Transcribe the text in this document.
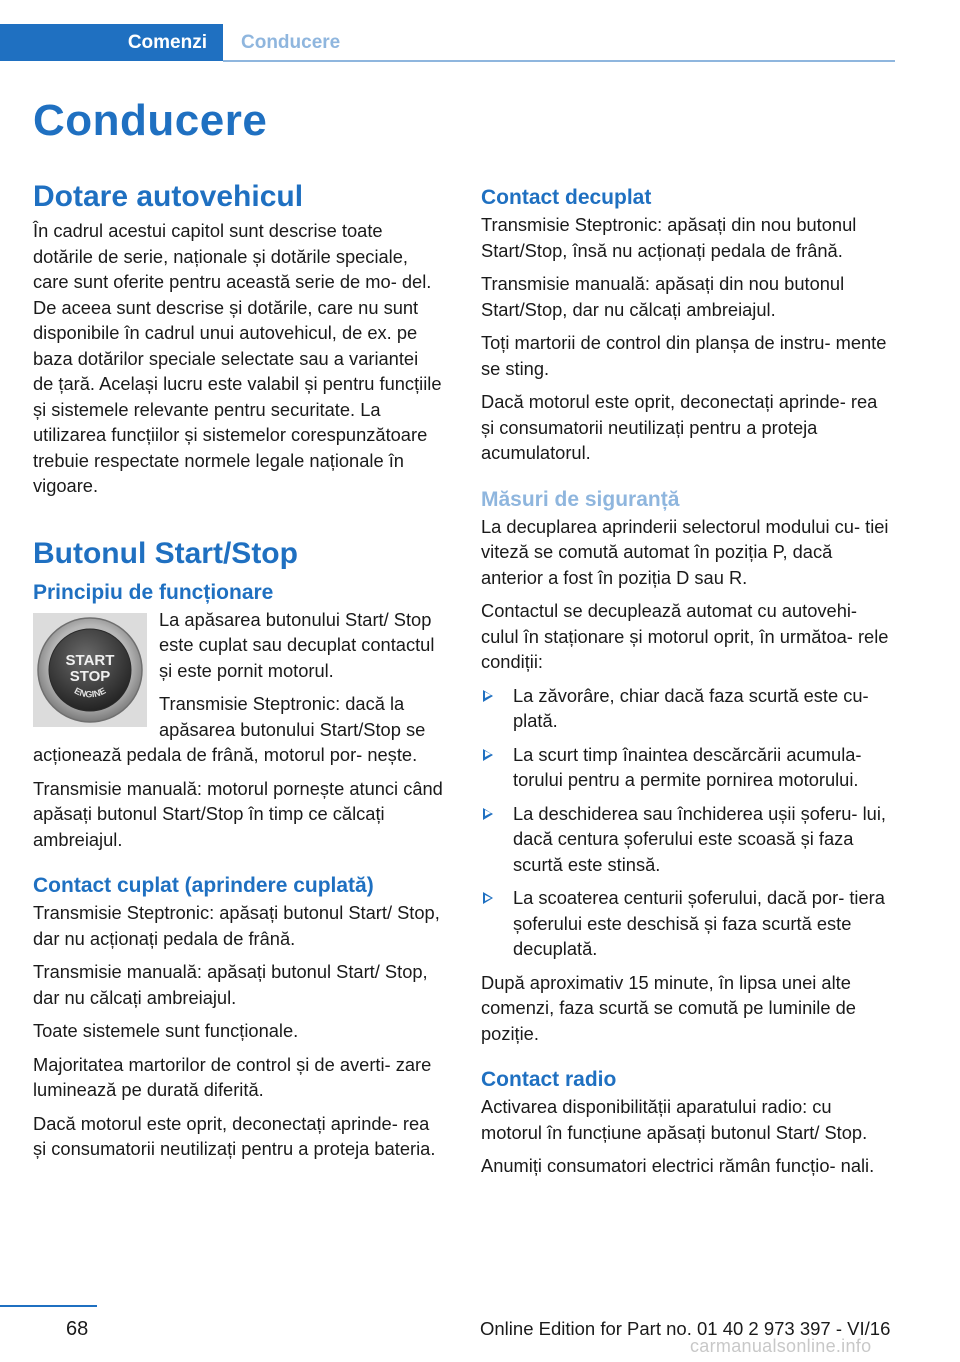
Comenzi	Conducere
Conducere
Dotare autovehicul

În cadrul acestui capitol sunt descrise toate dotările de serie, naționale și dotările speciale, care sunt oferite pentru această serie de mo‐ del. De aceea sunt descrise și dotările, care nu sunt disponibile în cadrul unui autovehicul, de ex. pe baza dotărilor speciale selectate sau a variantei de țară. Același lucru este valabil și pentru funcțiile și sistemele relevante pentru securitate. La utilizarea funcțiilor și sistemelor corespunzătoare trebuie respectate normele legale naționale în vigoare.

Butonul Start/Stop
Principiu de funcționare
START
STOP
ENGINE

La apăsarea butonului Start/ Stop este cuplat sau decuplat contactul și este pornit motorul.

Transmisie Steptronic: dacă la apăsarea butonului Start/Stop se acționează pedala de frână, motorul por‐ nește.

Transmisie manuală: motorul pornește atunci când apăsați butonul Start/Stop în timp ce călcați ambreiajul.

Contact cuplat (aprindere cuplată)

Transmisie Steptronic: apăsați butonul Start/ Stop, dar nu acționați pedala de frână.

Transmisie manuală: apăsați butonul Start/ Stop, dar nu călcați ambreiajul.

Toate sistemele sunt funcționale.

Majoritatea martorilor de control și de averti‐ zare luminează pe durată diferită.

Dacă motorul este oprit, deconectați aprinde‐ rea și consumatorii neutilizați pentru a proteja bateria.

Contact decuplat

Transmisie Steptronic: apăsați din nou butonul Start/Stop, însă nu acționați pedala de frână.

Transmisie manuală: apăsați din nou butonul Start/Stop, dar nu călcați ambreiajul.

Toți martorii de control din planșa de instru‐ mente se sting.

Dacă motorul este oprit, deconectați aprinde‐ rea și consumatorii neutilizați pentru a proteja acumulatorul.

Măsuri de siguranță

La decuplarea aprinderii selectorul modului cu‐ tiei viteză se comută automat în poziția P, dacă anterior a fost în poziția D sau R.

Contactul se decuplează automat cu autovehi‐ culul în staționare și motorul oprit, în următoa‐ rele condiții:

La zăvorâre, chiar dacă faza scurtă este cu‐ plată.
La scurt timp înaintea descărcării acumula‐ torului pentru a permite pornirea motorului.
La deschiderea sau închiderea ușii șoferu‐ lui, dacă centura șoferului este scoasă și faza scurtă este stinsă.
La scoaterea centurii șoferului, dacă por‐ tiera șoferului este deschisă și faza scurtă este decuplată.

După aproximativ 15 minute, în lipsa unei alte comenzi, faza scurtă se comută pe luminile de poziție.

Contact radio

Activarea disponibilității aparatului radio: cu motorul în funcțiune apăsați butonul Start/ Stop.

Anumiți consumatori electrici rămân funcțio‐ nali.

68	Online Edition for Part no. 01 40 2 973 397 - VI/16
carmanualsonline.info
